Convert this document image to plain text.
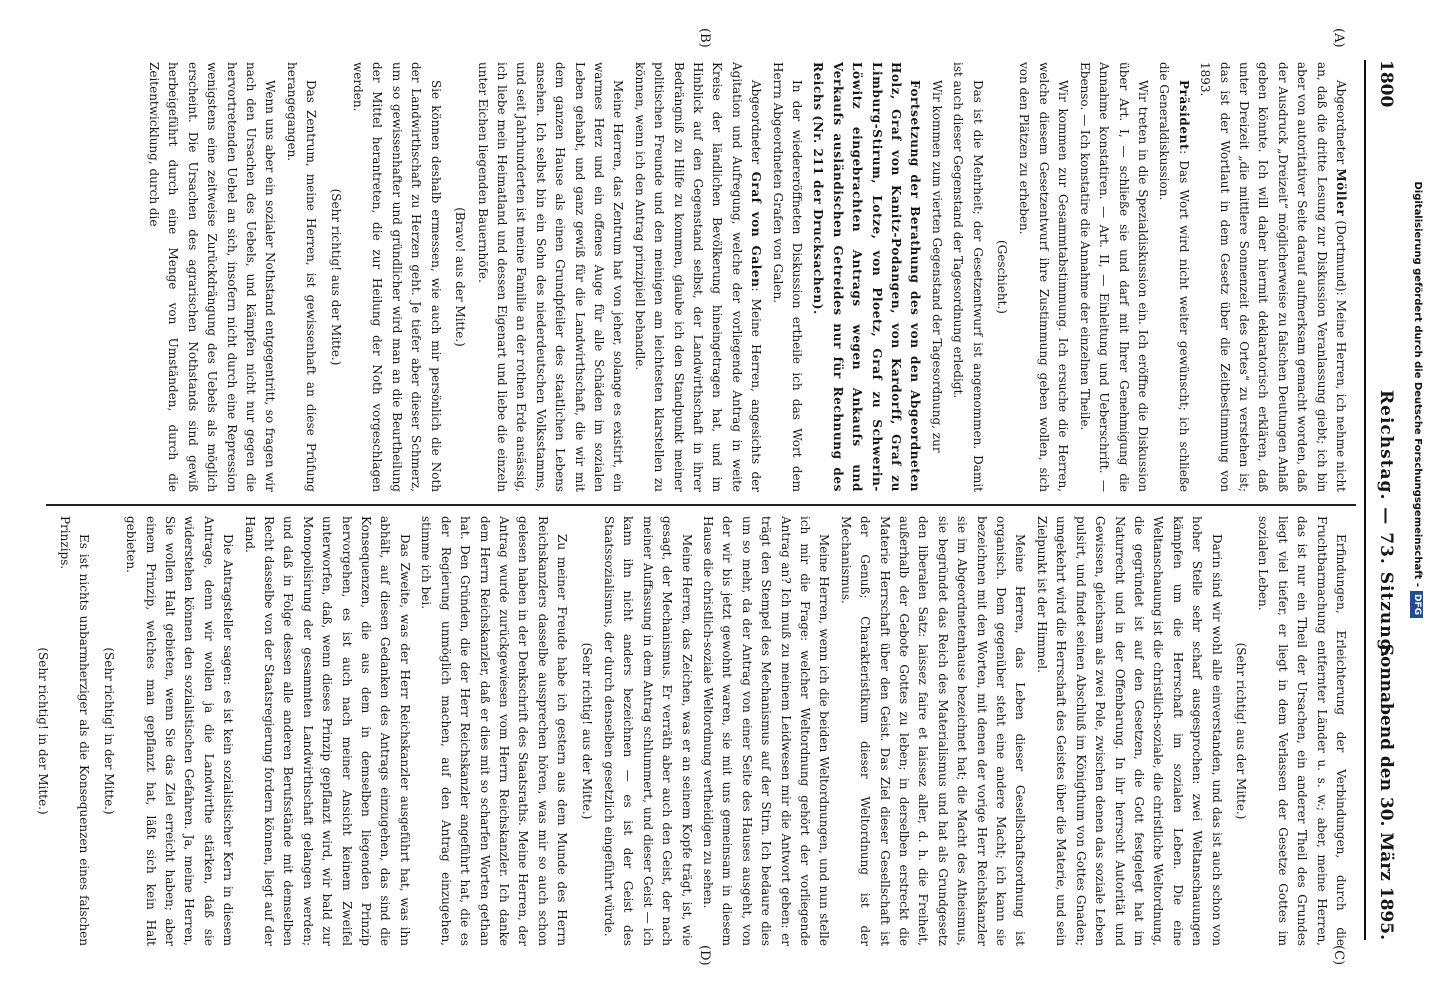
1800
Reichstag. — 73. Sitzung.
Sonnabend den 30. März 1895.
(A)
(B)
(C)
(D)

Abgeordneter Möller (Dortmund): Meine Herren, ich nehme nicht an, daß die dritte Lesung zur Diskussion Veranlassung giebt; ich bin aber von autoritativer Seite darauf aufmerksam gemacht worden, daß der Ausdruck „Dreizeit“ möglicherweise zu falschen Deutungen Anlaß geben könnte. Ich will daher hiermit deklaratorisch erklären, daß unter Dreizeit „die mittlere Sonnenzeit des Ortes“ zu verstehen ist; das ist der Wortlaut in dem Gesetz über die Zeitbestimmung von 1893.

Präsident: Das Wort wird nicht weiter gewünscht; ich schließe die Generaldiskussion.

Wir treten in die Spezialdiskussion ein. Ich eröffne die Diskussion über Art. I, — schließe sie und darf mit Ihrer Genehmigung die Annahme konstatiren. — Art. II, — Einleitung und Ueberschrift. — Ebenso. — Ich konstatire die Annahme der einzelnen Theile.

Wir kommen zur Gesammtabstimmung. Ich ersuche die Herren, welche diesem Gesetzentwurf ihre Zustimmung geben wollen, sich von den Plätzen zu erheben.

(Geschieht.)

Das ist die Mehrheit; der Gesetzentwurf ist angenommen. Damit ist auch dieser Gegenstand der Tagesordnung erledigt.

Wir kommen zum vierten Gegenstand der Tagesordnung, zur

Fortsetzung der Berathung des von den Abgeordneten Holz, Graf von Kanitz-Podangen, von Kardorff, Graf zu Limburg-Stirum, Lotze, von Ploetz, Graf zu Schwerin-Löwitz eingebrachten Antrags wegen Ankaufs und Verkaufs ausländischen Getreides nur für Rechnung des Reichs (Nr. 211 der Drucksachen).

In der wiedereröffneten Diskussion ertheile ich das Wort dem Herrn Abgeordneten Grafen von Galen.

Abgeordneter Graf von Galen: Meine Herren, angesichts der Agitation und Aufregung, welche der vorliegende Antrag in weite Kreise der ländlichen Bevölkerung hineingetragen hat, und im Hinblick auf den Gegenstand selbst, der Landwirthschaft in ihrer Bedrängniß zu Hilfe zu kommen, glaube ich den Standpunkt meiner politischen Freunde und den meinigen am leichtesten klarstellen zu können, wenn ich den Antrag prinzipiell behandle.

Meine Herren, das Zentrum hat von jeher, solange es existirt, ein warmes Herz und ein offenes Auge für alle Schäden im sozialen Leben gehabt, und ganz gewiß für die Landwirthschaft, die wir mit dem ganzen Hause als einen Grundpfeiler des staatlichen Lebens ansehen. Ich selbst bin ein Sohn des niederdeutschen Volksstamms, und seit Jahrhunderten ist meine Familie an der rothen Erde ansässig, ich liebe mein Heimatland und dessen Eigenart und liebe die einzeln unter Eichen liegenden Bauernhöfe.

(Bravo! aus der Mitte.)

Sie können deshalb ermessen, wie auch mir persönlich die Noth der Landwirthschaft zu Herzen geht. Je tiefer aber dieser Schmerz, um so gewissenhafter und gründlicher wird man an die Beurtheilung der Mittel herantreten, die zur Heilung der Noth vorgeschlagen werden.

(Sehr richtig! aus der Mitte.)

Das Zentrum, meine Herren, ist gewissenhaft an diese Prüfung herangegangen.

Wenn uns aber ein sozialer Nothstand entgegentritt, so fragen wir nach den Ursachen des Uebels, und kämpfen nicht nur gegen die hervortretenden Uebel an sich, insofern nicht durch eine Repression wenigstens eine zeitweise Zurückdrängung des Uebels als möglich erscheint. Die Ursachen des agrarischen Nothstands sind gewiß herbeigeführt durch eine Menge von Umständen, durch die Zeitentwicklung, durch die

Erfindungen, Erleichterung der Verbindungen, durch die Fruchtbarmachung entfernter Länder u. s. w.; aber, meine Herren, das ist nur ein Theil der Ursachen, ein anderer Theil des Grundes liegt viel tiefer, er liegt in dem Verlassen der Gesetze Gottes im sozialen Leben.

(Sehr richtig! aus der Mitte.)

Darin sind wir wohl alle einverstanden, und das ist auch schon von hoher Stelle sehr scharf ausgesprochen: zwei Weltanschauungen kämpfen um die Herrschaft im sozialen Leben. Die eine Weltanschauung ist die christlich-soziale, die christliche Weltordnung, die gegründet ist auf den Gesetzen, die Gott festgelegt hat im Naturrecht und in der Offenbarung. In ihr herrscht Autorität und Gewissen, gleichsam als zwei Pole, zwischen denen das soziale Leben pulsirt, und findet seinen Abschluß im Königthum von Gottes Gnaden; umgekehrt wird die Herrschaft des Geistes über die Materie, und sein Zielpunkt ist der Himmel.

Meine Herren, das Leben dieser Gesellschaftsordnung ist organisch. Dem gegenüber steht eine andere Macht; ich kann sie bezeichnen mit den Worten, mit denen der vorige Herr Reichskanzler sie im Abgeordnetenhause bezeichnet hat; die Macht des Atheismus, sie begründet das Reich des Materialismus und hat als Grundgesetz den liberalen Satz: laissez faire et laissez aller, d. h. die Freiheit, außerhalb der Gebote Gottes zu leben; in derselben erstreckt die Materie Herrschaft über den Geist. Das Ziel dieser Gesellschaft ist der Genuß; Charakteristikum dieser Weltordnung ist der Mechanismus.

Meine Herren, wenn ich die beiden Weltordnungen, und nun stelle ich mir die Frage: welcher Weltordnung gehört der vorliegende Antrag an? Ich muß zu meinem Leidwesen mir die Antwort geben: er trägt den Stempel des Mechanismus auf der Stirn. Ich bedaure dies um so mehr, da der Antrag von einer Seite des Hauses ausgeht, von der wir bis jetzt gewohnt waren, sie mit uns gemeinsam in diesem Hause die christlich-soziale Weltordnung vertheidigen zu sehen.

Meine Herren, das Zeichen, was er an seinem Kopfe trägt, ist, wie gesagt, der Mechanismus. Er verräth aber auch den Geist, der nach meiner Auffassung in dem Antrag schlummert, und dieser Geist — ich kann ihn nicht anders bezeichnen — es ist der Geist des Staatssozialismus, der durch denselben gesetzlich eingeführt würde.

(Sehr richtig! aus der Mitte.)

Zu meiner Freude habe ich gestern aus dem Munde des Herrn Reichskanzlers dasselbe aussprechen hören, was mir so auch schon gelesen haben in der Denkschrift des Staatsraths. Meine Herren, der Antrag wurde zurückgewiesen vom Herrn Reichskanzler. Ich danke dem Herrn Reichskanzler, daß er dies mit so scharfen Worten gethan hat. Den Gründen, die der Herr Reichskanzler angeführt hat, die es der Regierung unmöglich machen, auf den Antrag einzugehen, stimme ich bei.

Das Zweite, was der Herr Reichskanzler ausgeführt hat, was ihn abhält, auf diesen Gedanken des Antrags einzugehen, das sind die Konsequenzen, die aus dem in demselben liegenden Prinzip hervorgehen, es ist auch nach meiner Ansicht keinem Zweifel unterworfen, daß, wenn dieses Prinzip gepflanzt wird, wir bald zur Monopolisirung der gesammten Landwirthschaft gelangen werden; und daß in Folge dessen alle anderen Berufsstände mit demselben Recht dasselbe von der Staatsregierung fordern können, liegt auf der Hand.

Die Antragsteller sagen: es ist kein sozialistischer Kern in diesem Antrage, denn wir wollen ja die Landwirthe stärken, daß sie widerstehen können den sozialistischen Gefahren. Ja, meine Herren, Sie wollen Halt gebieten, wenn Sie das Ziel erreicht haben; aber einem Prinzip, welches man gepflanzt hat, läßt sich kein Halt gebieten.

(Sehr richtig! in der Mitte.)

Es ist nichts unbarmherziger als die Konsequenzen eines falschen Prinzips.

(Sehr richtig! in der Mitte.)

Digitalisierung gefördert durch die Deutsche Forschungsgemeinschaft -DFG
